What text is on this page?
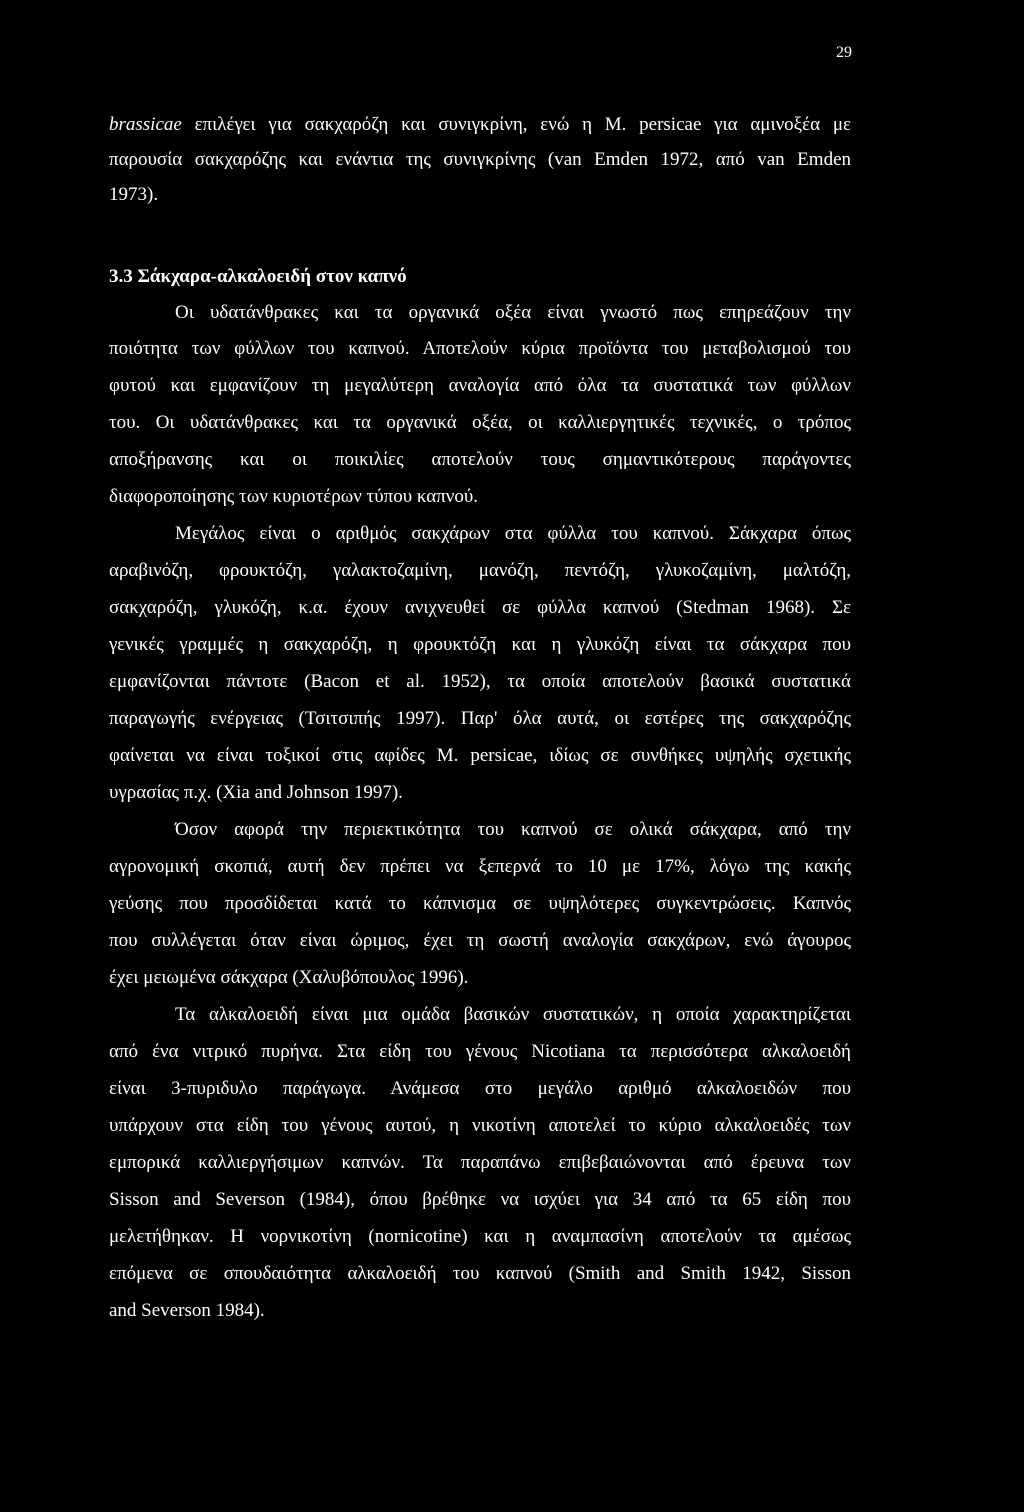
29
brassicae επιλέγει για σακχαρόζη και συνιγκρίνη, ενώ η M. persicae για αμινοξέα με
παρουσία σακχαρόζης και ενάντια της συνιγκρίνης (van Emden 1972, από van Emden
1973).
3.3 Σάκχαρα-αλκαλοειδή στον καπνό
Οι υδατάνθρακες και τα οργανικά οξέα είναι γνωστό πως επηρεάζουν την
ποιότητα των φύλλων του καπνού. Αποτελούν κύρια προϊόντα του μεταβολισμού του
φυτού και εμφανίζουν τη μεγαλύτερη αναλογία από όλα τα συστατικά των φύλλων
του. Οι υδατάνθρακες και τα οργανικά οξέα, οι καλλιεργητικές τεχνικές, ο τρόπος
αποξήρανσης και οι ποικιλίες αποτελούν τους σημαντικότερους παράγοντες
διαφοροποίησης των κυριοτέρων τύπου καπνού.
Μεγάλος είναι ο αριθμός σακχάρων στα φύλλα του καπνού. Σάκχαρα όπως
αραβινόζη, φρουκτόζη, γαλακτοζαμίνη, μανόζη, πεντόζη, γλυκοζαμίνη, μαλτόζη,
σακχαρόζη, γλυκόζη, κ.α. έχουν ανιχνευθεί σε φύλλα καπνού (Stedman 1968). Σε
γενικές γραμμές η σακχαρόζη, η φρουκτόζη και η γλυκόζη είναι τα σάκχαρα που
εμφανίζονται πάντοτε (Bacon et al. 1952), τα οποία αποτελούν βασικά συστατικά
παραγωγής ενέργειας (Τσιτσιπής 1997). Παρ' όλα αυτά, οι εστέρες της σακχαρόζης
φαίνεται να είναι τοξικοί στις αφίδες M. persicae, ιδίως σε συνθήκες υψηλής σχετικής
υγρασίας π.χ. (Xia and Johnson 1997).
Όσον αφορά την περιεκτικότητα του καπνού σε ολικά σάκχαρα, από την
αγρονομική σκοπιά, αυτή δεν πρέπει να ξεπερνά το 10 με 17%, λόγω της κακής
γεύσης που προσδίδεται κατά το κάπνισμα σε υψηλότερες συγκεντρώσεις. Καπνός
που συλλέγεται όταν είναι ώριμος, έχει τη σωστή αναλογία σακχάρων, ενώ άγουρος
έχει μειωμένα σάκχαρα (Χαλυβόπουλος 1996).
Τα αλκαλοειδή είναι μια ομάδα βασικών συστατικών, η οποία χαρακτηρίζεται
από ένα νιτρικό πυρήνα. Στα είδη του γένους Nicotiana τα περισσότερα αλκαλοειδή
είναι 3-πυριδυλο παράγωγα. Ανάμεσα στο μεγάλο αριθμό αλκαλοειδών που
υπάρχουν στα είδη του γένους αυτού, η νικοτίνη αποτελεί το κύριο αλκαλοειδές των
εμπορικά καλλιεργήσιμων καπνών. Τα παραπάνω επιβεβαιώνονται από έρευνα των
Sisson and Severson (1984), όπου βρέθηκε να ισχύει για 34 από τα 65 είδη που
μελετήθηκαν. Η νορνικοτίνη (nornicotine) και η αναμπασίνη αποτελούν τα αμέσως
επόμενα σε σπουδαιότητα αλκαλοειδή του καπνού (Smith and Smith 1942, Sisson
and Severson 1984).
